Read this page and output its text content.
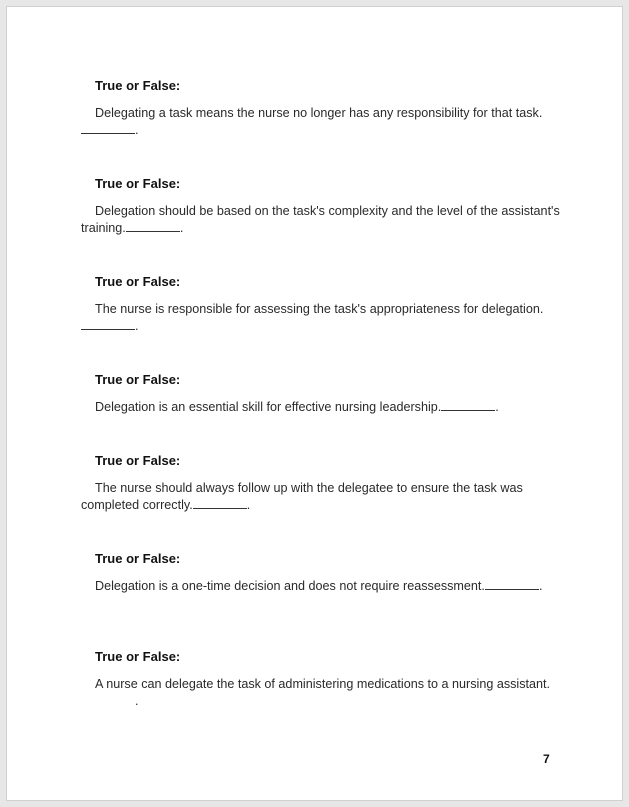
True or False:
Delegating a task means the nurse no longer has any responsibility for that task..
True or False:
Delegation should be based on the task's complexity and the level of the assistant's training.	.
True or False:
The nurse is responsible for assessing the task's appropriateness for delegation..
True or False:
Delegation is an essential skill for effective nursing leadership.	.
True or False:
The nurse should always follow up with the delegatee to ensure the task was completed correctly.	.
True or False:
Delegation is a one-time decision and does not require reassessment.	.
True or False:
A nurse can delegate the task of administering medications to a nursing assistant. .
7
